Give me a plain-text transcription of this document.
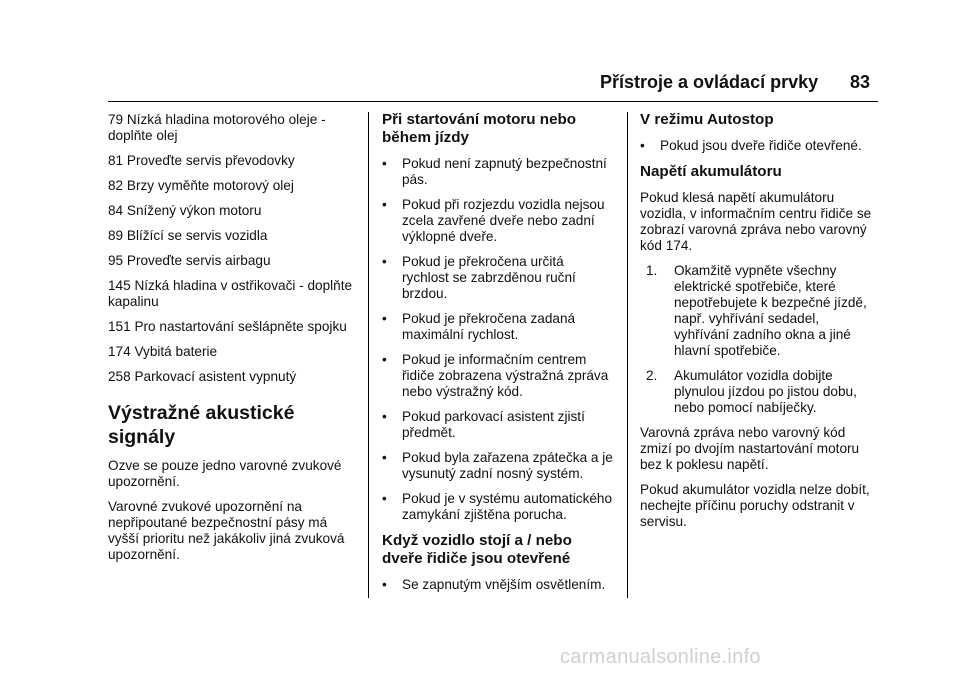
Přístroje a ovládací prvky 83

79 Nízká hladina motorového oleje - doplňte olej

81 Proveďte servis převodovky

82 Brzy vyměňte motorový olej

84 Snížený výkon motoru

89 Blížící se servis vozidla

95 Proveďte servis airbagu

145 Nízká hladina v ostřikovači - doplňte kapalinu

151 Pro nastartování sešlápněte spojku

174 Vybitá baterie

258 Parkovací asistent vypnutý

Výstražné akustické signály

Ozve se pouze jedno varovné zvukové upozornění.

Varovné zvukové upozornění na nepřipoutané bezpečnostní pásy má vyšší prioritu než jakákoliv jiná zvuková upozornění.

Při startování motoru nebo během jízdy
• Pokud není zapnutý bezpečnostní pás.
• Pokud při rozjezdu vozidla nejsou zcela zavřené dveře nebo zadní výklopné dveře.
• Pokud je překročena určitá rychlost se zabrzděnou ruční brzdou.
• Pokud je překročena zadaná maximální rychlost.
• Pokud je informačním centrem řidiče zobrazena výstražná zpráva nebo výstražný kód.
• Pokud parkovací asistent zjistí předmět.
• Pokud byla zařazena zpátečka a je vysunutý zadní nosný systém.
• Pokud je v systému automatického zamykání zjištěna porucha.
Když vozidlo stojí a / nebo dveře řidiče jsou otevřené
• Se zapnutým vnějším osvětlením.
V režimu Autostop
• Pokud jsou dveře řidiče otevřené.
Napětí akumulátoru

Pokud klesá napětí akumulátoru vozidla, v informačním centru řidiče se zobrazí varovná zpráva nebo varovný kód 174.

1. Okamžitě vypněte všechny elektrické spotřebiče, které nepotřebujete k bezpečné jízdě, např. vyhřívání sedadel, vyhřívání zadního okna a jiné hlavní spotřebiče.
2. Akumulátor vozidla dobijte plynulou jízdou po jistou dobu, nebo pomocí nabíječky.

Varovná zpráva nebo varovný kód zmizí po dvojím nastartování motoru bez k poklesu napětí.

Pokud akumulátor vozidla nelze dobít, nechejte příčinu poruchy odstranit v servisu.

carmanualsonline.info
